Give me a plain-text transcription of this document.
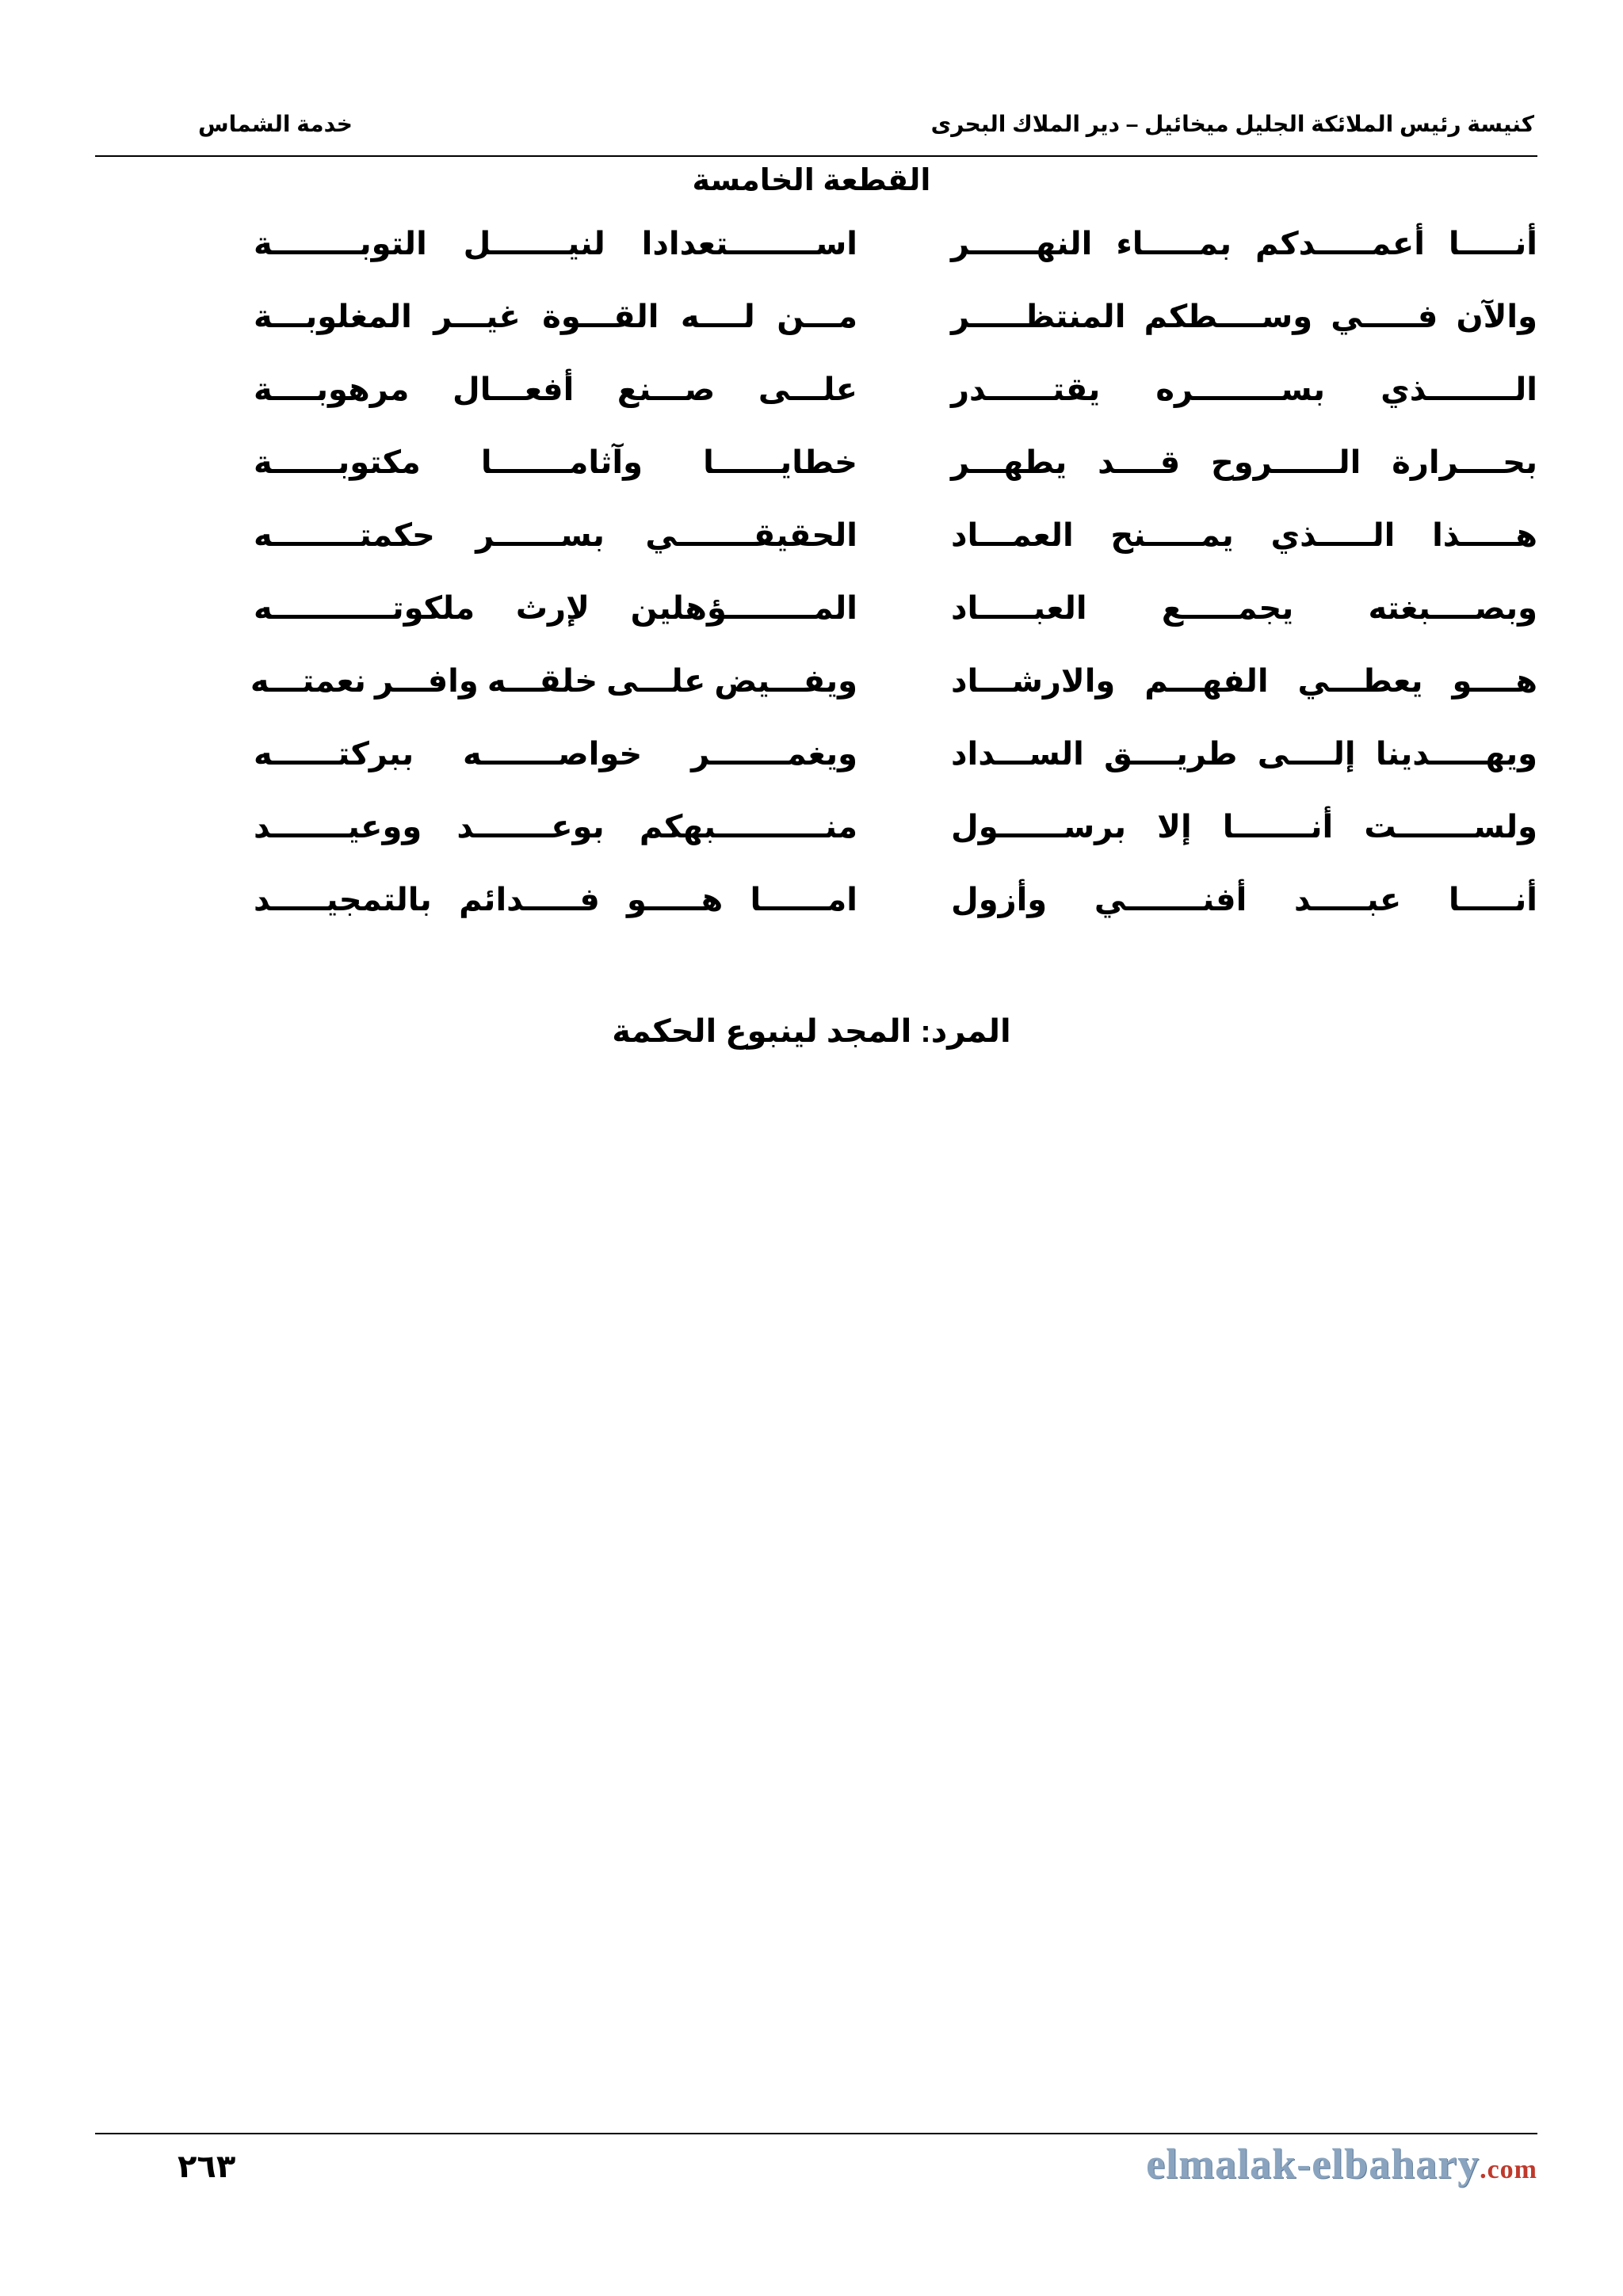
كنيسة رئيس الملائكة الجليل ميخائيل – دير الملاك البحرى
خدمة الشماس
القطعة الخامسة
أنـــــا أعمـــــدكم بمـــــاء النهــــــر
اســــــــتعدادا لنيـــــــل التوبــــــــة
والآن فـــــي وســــطكم المنتظـــــر
مـــن لــــه القـــوة غيـــر المغلوبـــة
الــــــــذي بســــــــره يقتــــــدر
علـــى صـــنع أفعـــال مرهوبــــة
بحــــرارة الــــــروح قــــد يطهـــر
خطايــــــا وآثامـــــــا مكتوبــــــة
هـــــذا الـــــذي يمـــــنح العمـــاد
الحقيقـــــــي بســــــر حكمتــــــــه
وبصــــبغته يجمـــــع العبـــــاد
المــــــــؤهلين لإرث ملكوتـــــــــــه
هــــو يعطـــي الفهـــم والارشـــاد
ويفـــيض علـــى خلقـــه وافـــر نعمتـــه
ويهـــــدينا إلــــى طريــــق الســـداد
ويغمـــــــر خواصـــــــه ببركتــــــه
ولســـــــت أنـــــــا إلا برســــــول
منــــــــــبهكم بوعـــــــد ووعيـــــــد
أنـــــا عبـــــد أفنـــــــي وأزول
امــــــا هـــــو فـــــدائم بالتمجيـــــد
المرد: المجد لينبوع الحكمة
٢٦٣	elmalak-elbahary.com
